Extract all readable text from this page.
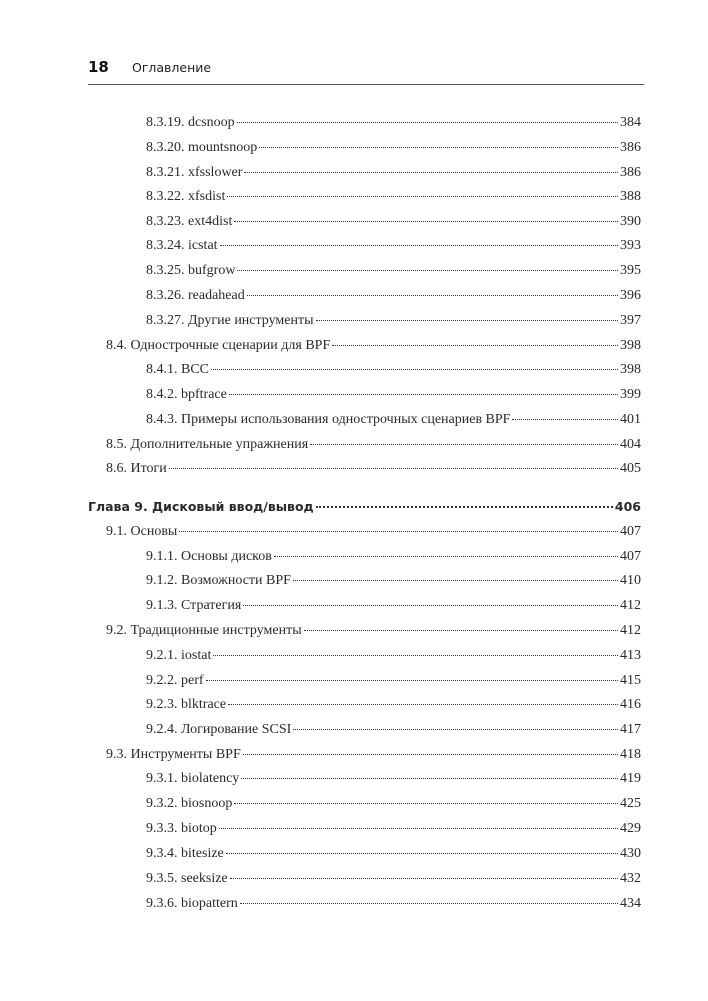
18 Оглавление
8.3.19. dcsnoop	384
8.3.20. mountsnoop	386
8.3.21. xfsslower	386
8.3.22. xfsdist	388
8.3.23. ext4dist	390
8.3.24. icstat	393
8.3.25. bufgrow	395
8.3.26. readahead	396
8.3.27. Другие инструменты	397
8.4. Однострочные сценарии для BPF	398
8.4.1. BCC	398
8.4.2. bpftrace	399
8.4.3. Примеры использования однострочных сценариев BPF	401
8.5. Дополнительные упражнения	404
8.6. Итоги	405
Глава 9. Дисковый ввод/вывод	406
9.1. Основы	407
9.1.1. Основы дисков	407
9.1.2. Возможности BPF	410
9.1.3. Стратегия	412
9.2. Традиционные инструменты	412
9.2.1. iostat	413
9.2.2. perf	415
9.2.3. blktrace	416
9.2.4. Логирование SCSI	417
9.3. Инструменты BPF	418
9.3.1. biolatency	419
9.3.2. biosnoop	425
9.3.3. biotop	429
9.3.4. bitesize	430
9.3.5. seeksize	432
9.3.6. biopattern	434
